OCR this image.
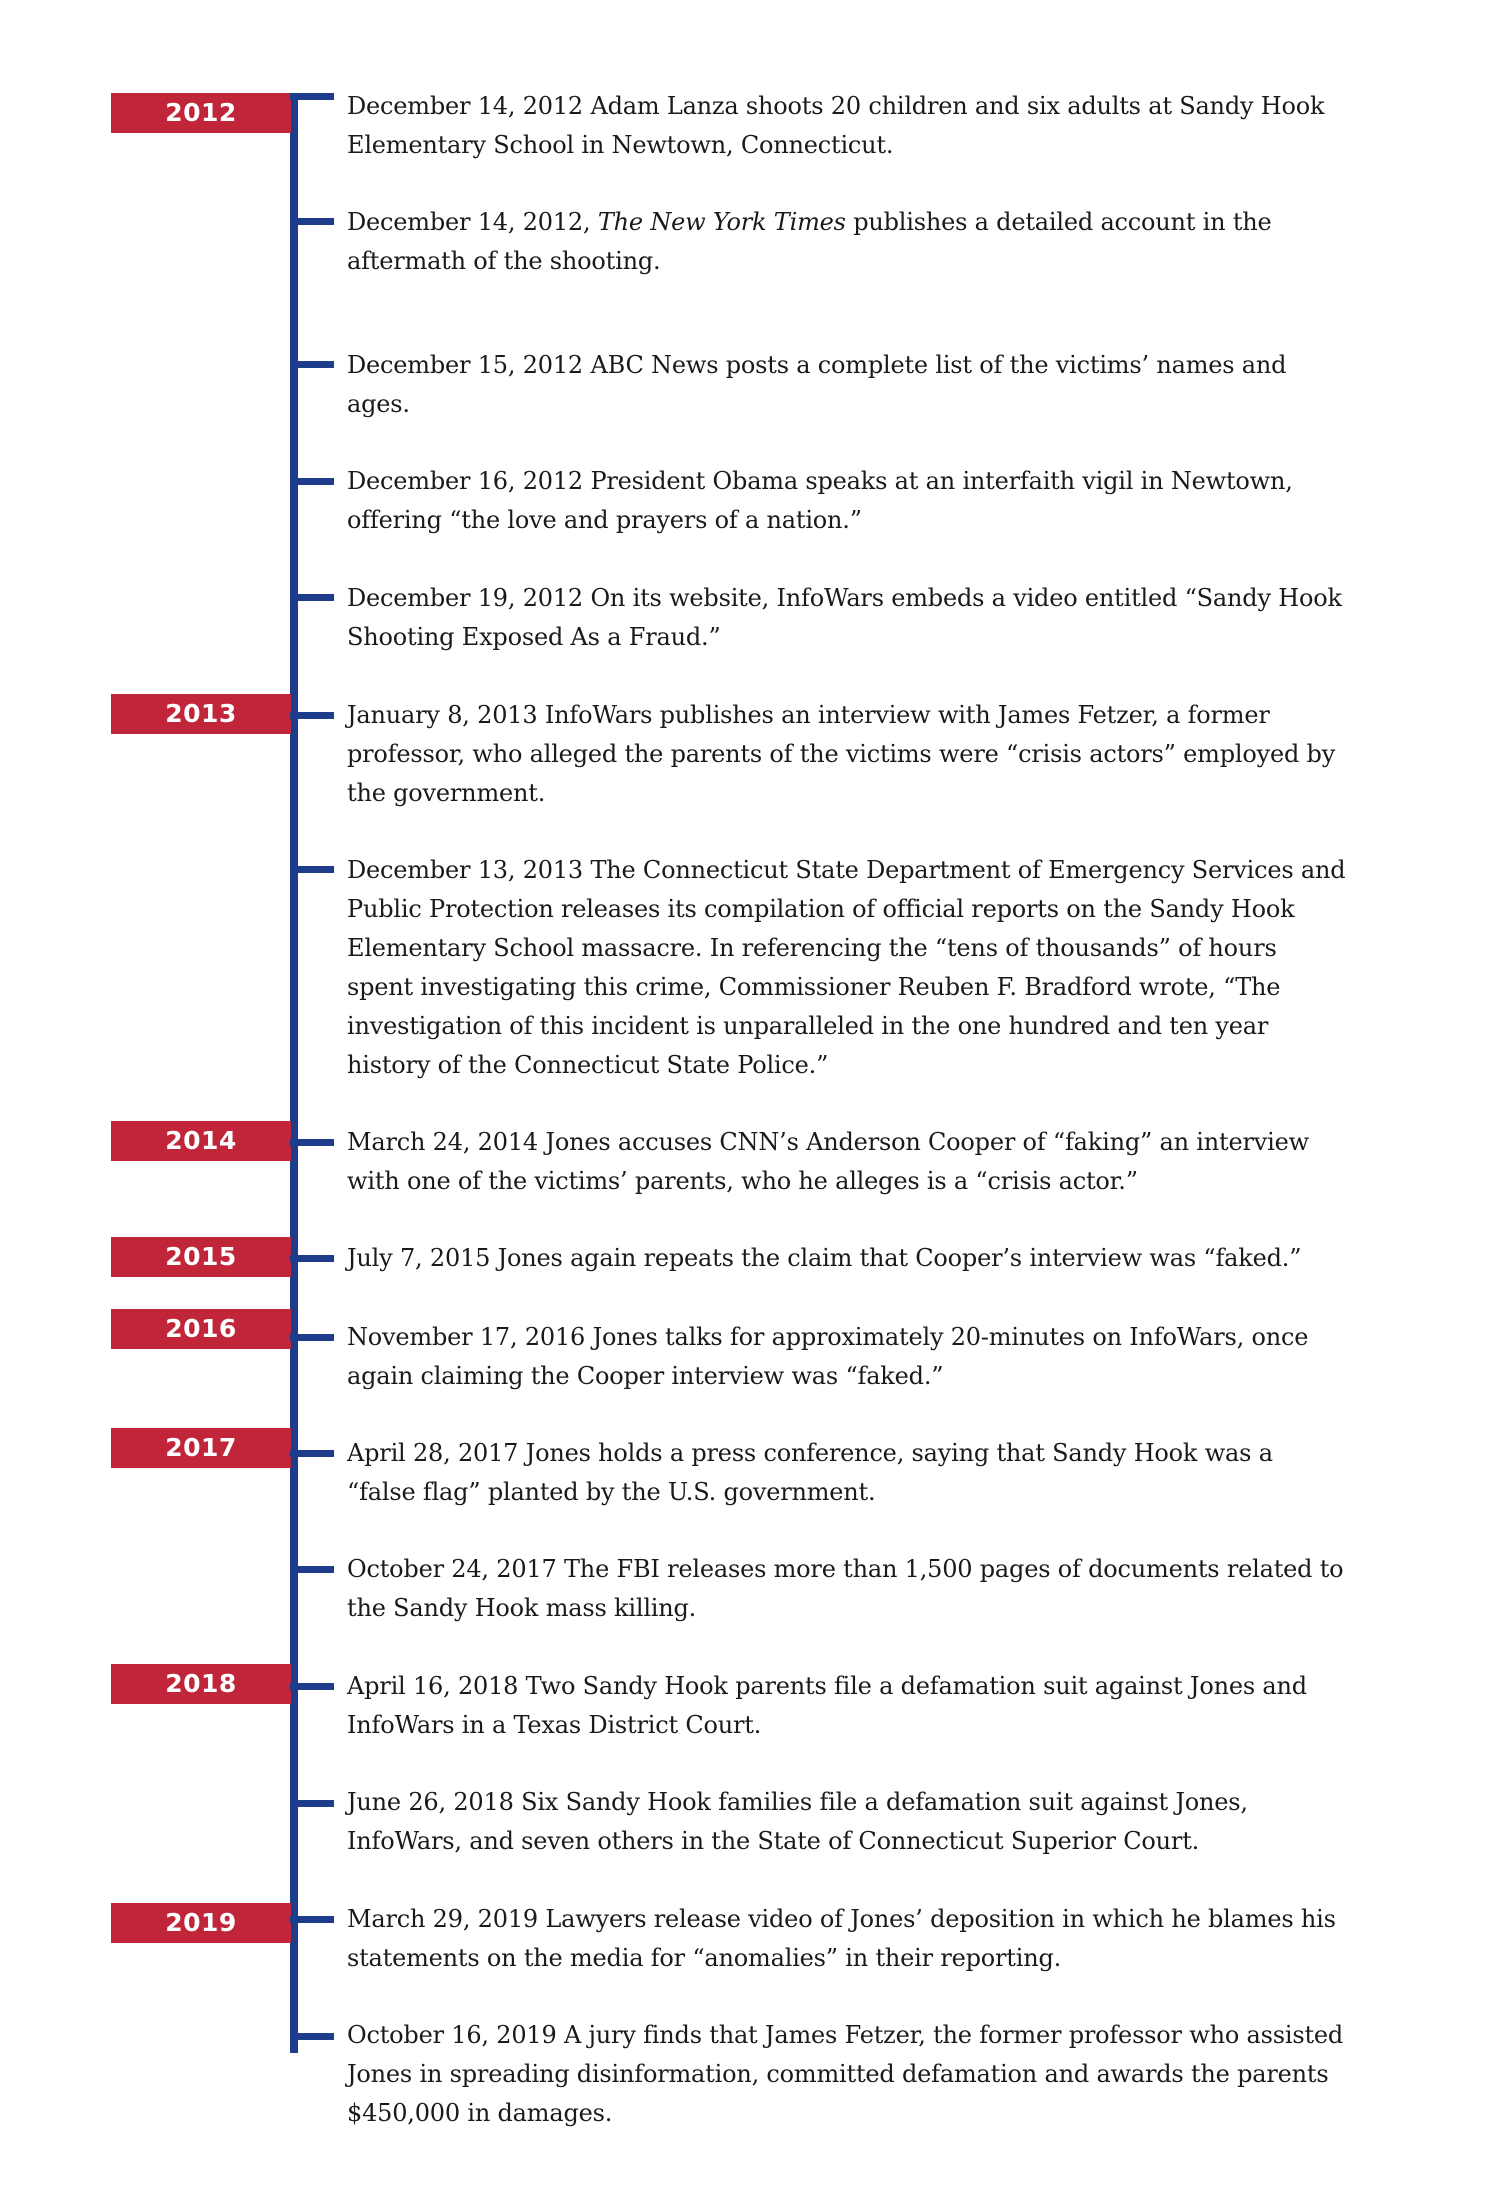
2012
2013
2014
2015
2016
2017
2018
2019

December 14, 2012 Adam Lanza shoots 20 children and six adults at Sandy Hook Elementary School in Newtown, Connecticut.

December 14, 2012, The New York Times publishes a detailed account in the aftermath of the shooting.

December 15, 2012 ABC News posts a complete list of the victims’ names and ages.

December 16, 2012 President Obama speaks at an interfaith vigil in Newtown, offering “the love and prayers of a nation.”

December 19, 2012 On its website, InfoWars embeds a video entitled “Sandy Hook Shooting Exposed As a Fraud.”

January 8, 2013 InfoWars publishes an interview with James Fetzer, a former professor, who alleged the parents of the victims were “crisis actors” employed by the government.

December 13, 2013 The Connecticut State Department of Emergency Services and Public Protection releases its compilation of official reports on the Sandy Hook Elementary School massacre. In referencing the “tens of thousands” of hours spent investigating this crime, Commissioner Reuben F. Bradford wrote, “The investigation of this incident is unparalleled in the one hundred and ten year history of the Connecticut State Police.”

March 24, 2014 Jones accuses CNN’s Anderson Cooper of “faking” an interview with one of the victims’ parents, who he alleges is a “crisis actor.”

July 7, 2015 Jones again repeats the claim that Cooper’s interview was “faked.”

November 17, 2016 Jones talks for approximately 20-minutes on InfoWars, once again claiming the Cooper interview was “faked.”

April 28, 2017 Jones holds a press conference, saying that Sandy Hook was a “false flag” planted by the U.S. government.

October 24, 2017 The FBI releases more than 1,500 pages of documents related to the Sandy Hook mass killing.

April 16, 2018 Two Sandy Hook parents file a defamation suit against Jones and InfoWars in a Texas District Court.

June 26, 2018 Six Sandy Hook families file a defamation suit against Jones, InfoWars, and seven others in the State of Connecticut Superior Court.

March 29, 2019 Lawyers release video of Jones’ deposition in which he blames his statements on the media for “anomalies” in their reporting.

October 16, 2019 A jury finds that James Fetzer, the former professor who assisted Jones in spreading disinformation, committed defamation and awards the parents $450,000 in damages.
